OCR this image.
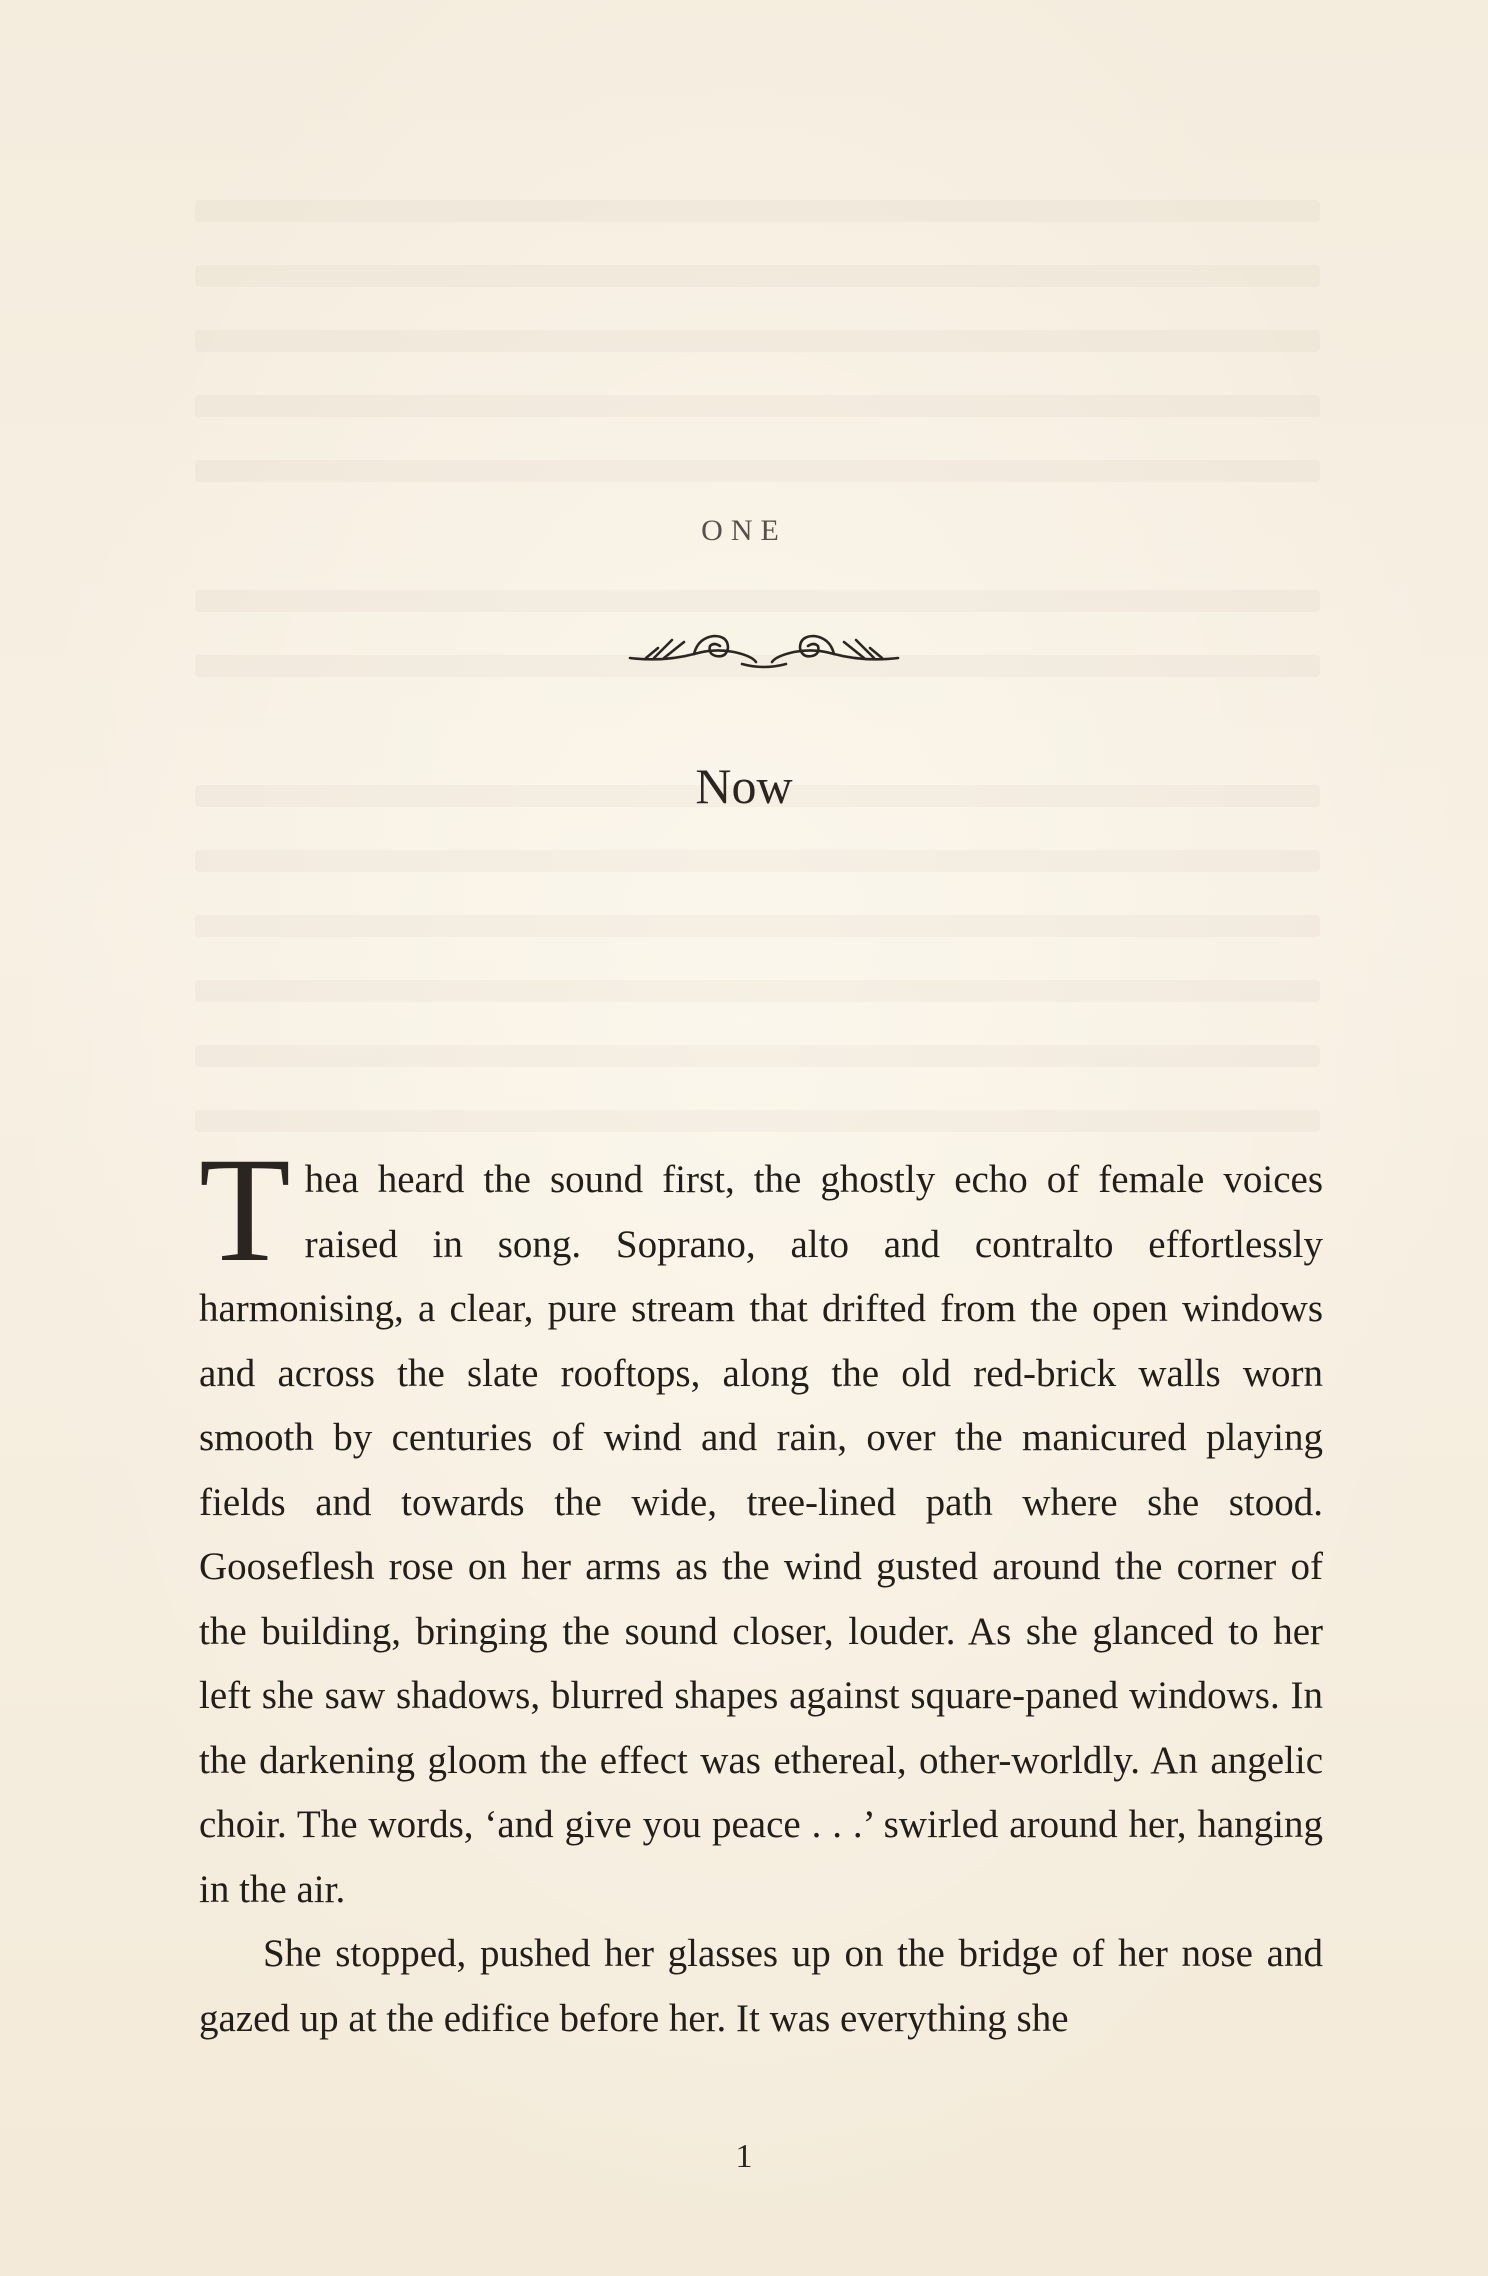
ONE
Now

Thea heard the sound first, the ghostly echo of female voices raised in song. Soprano, alto and contralto effortlessly harmonising, a clear, pure stream that drifted from the open windows and across the slate rooftops, along the old red-brick walls worn smooth by centuries of wind and rain, over the manicured playing fields and towards the wide, tree-lined path where she stood. Gooseflesh rose on her arms as the wind gusted around the corner of the building, bringing the sound closer, louder. As she glanced to her left she saw shadows, blurred shapes against square-paned windows. In the darkening gloom the effect was ethereal, other-worldly. An angelic choir. The words, ‘and give you peace . . .’ swirled around her, hanging in the air.

She stopped, pushed her glasses up on the bridge of her nose and gazed up at the edifice before her. It was everything she

1
